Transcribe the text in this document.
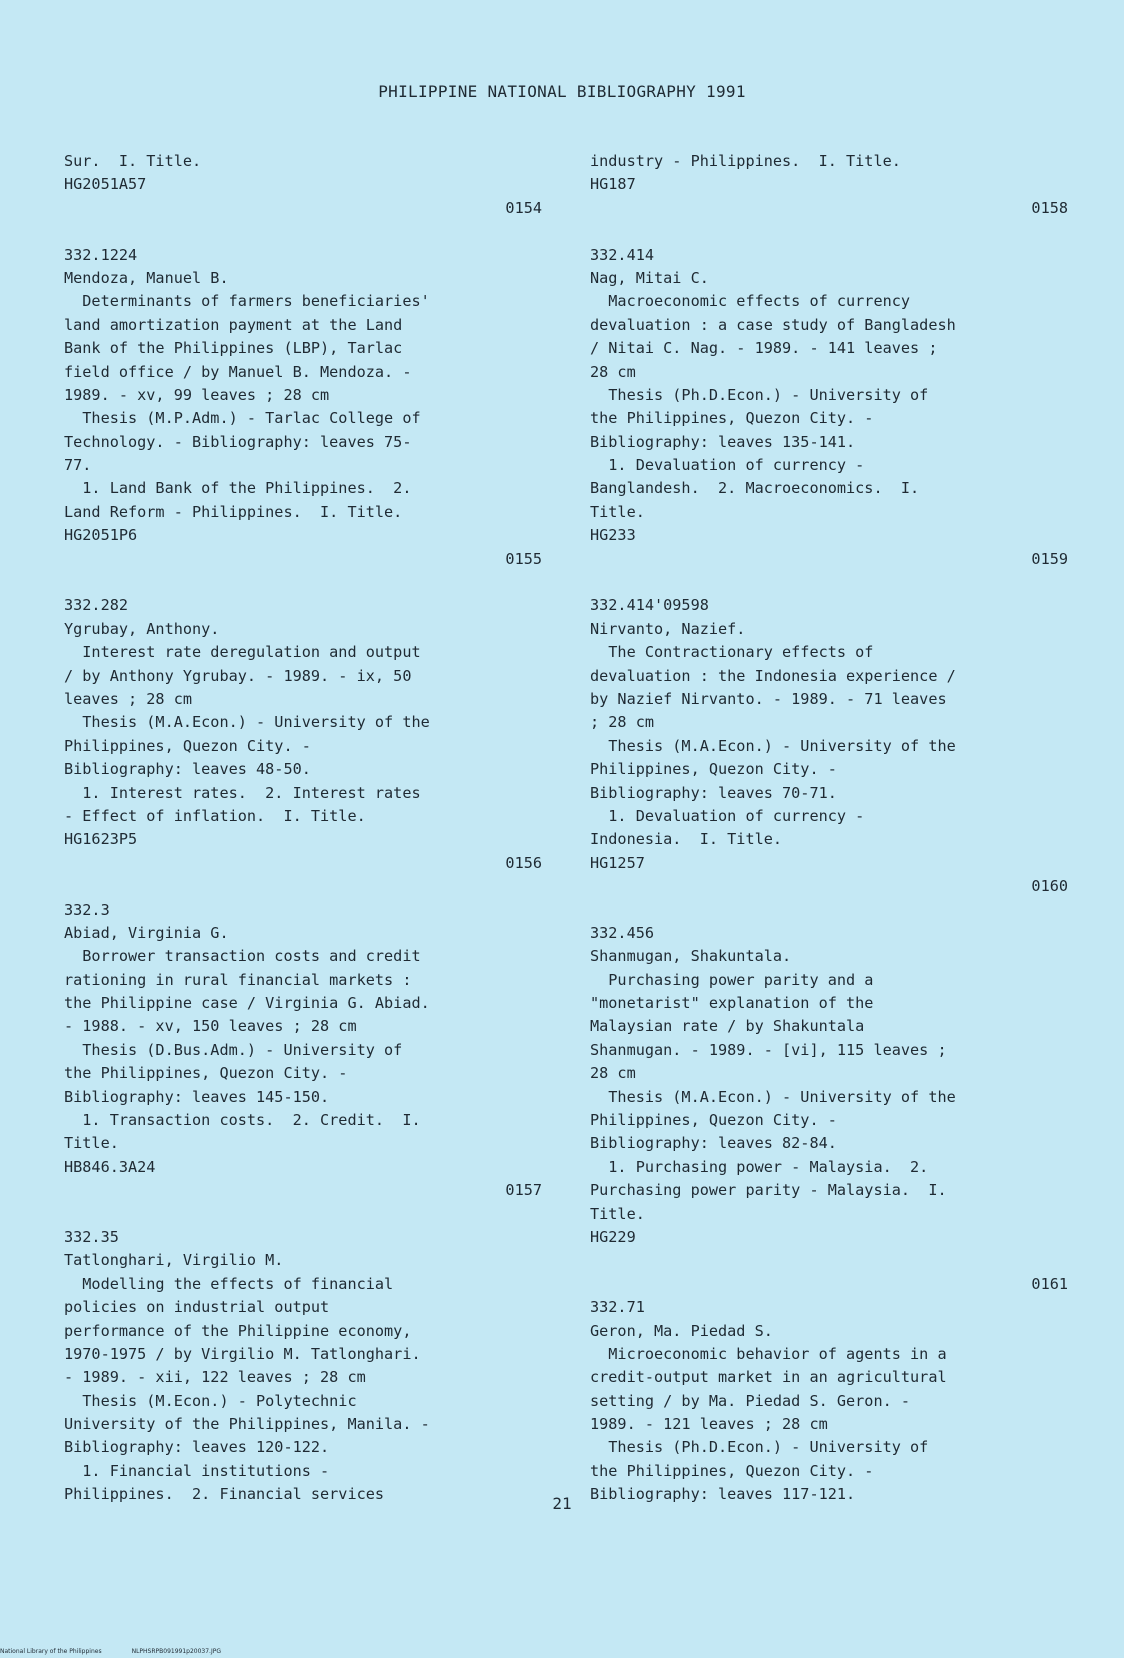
PHILIPPINE NATIONAL BIBLIOGRAPHY 1991
Sur.  I. Title.
HG2051A57
0154
332.1224
Mendoza, Manuel B.
Determinants of farmers beneficiaries'
land amortization payment at the Land
Bank of the Philippines (LBP), Tarlac
field office / by Manuel B. Mendoza. -
1989. - xv, 99 leaves ; 28 cm
Thesis (M.P.Adm.) - Tarlac College of
Technology. - Bibliography: leaves 75-
77.
1. Land Bank of the Philippines.  2.
Land Reform - Philippines.  I. Title.
HG2051P6
0155
332.282
Ygrubay, Anthony.
Interest rate deregulation and output
/ by Anthony Ygrubay. - 1989. - ix, 50
leaves ; 28 cm
Thesis (M.A.Econ.) - University of the
Philippines, Quezon City. -
Bibliography: leaves 48-50.
1. Interest rates.  2. Interest rates
- Effect of inflation.  I. Title.
HG1623P5
0156
332.3
Abiad, Virginia G.
Borrower transaction costs and credit
rationing in rural financial markets :
the Philippine case / Virginia G. Abiad.
- 1988. - xv, 150 leaves ; 28 cm
Thesis (D.Bus.Adm.) - University of
the Philippines, Quezon City. -
Bibliography: leaves 145-150.
1. Transaction costs.  2. Credit.  I.
Title.
HB846.3A24
0157
332.35
Tatlonghari, Virgilio M.
Modelling the effects of financial
policies on industrial output
performance of the Philippine economy,
1970-1975 / by Virgilio M. Tatlonghari.
- 1989. - xii, 122 leaves ; 28 cm
Thesis (M.Econ.) - Polytechnic
University of the Philippines, Manila. -
Bibliography: leaves 120-122.
1. Financial institutions -
Philippines.  2. Financial services
industry - Philippines.  I. Title.
HG187
0158
332.414
Nag, Mitai C.
Macroeconomic effects of currency
devaluation : a case study of Bangladesh
/ Nitai C. Nag. - 1989. - 141 leaves ;
28 cm
Thesis (Ph.D.Econ.) - University of
the Philippines, Quezon City. -
Bibliography: leaves 135-141.
1. Devaluation of currency -
Banglandesh.  2. Macroeconomics.  I.
Title.
HG233
0159
332.414'09598
Nirvanto, Nazief.
The Contractionary effects of
devaluation : the Indonesia experience /
by Nazief Nirvanto. - 1989. - 71 leaves
; 28 cm
Thesis (M.A.Econ.) - University of the
Philippines, Quezon City. -
Bibliography: leaves 70-71.
1. Devaluation of currency -
Indonesia.  I. Title.
HG1257
0160
332.456
Shanmugan, Shakuntala.
Purchasing power parity and a
"monetarist" explanation of the
Malaysian rate / by Shakuntala
Shanmugan. - 1989. - [vi], 115 leaves ;
28 cm
Thesis (M.A.Econ.) - University of the
Philippines, Quezon City. -
Bibliography: leaves 82-84.
1. Purchasing power - Malaysia.  2.
Purchasing power parity - Malaysia.  I.
Title.
HG229
0161
332.71
Geron, Ma. Piedad S.
Microeconomic behavior of agents in a
credit-output market in an agricultural
setting / by Ma. Piedad S. Geron. -
1989. - 121 leaves ; 28 cm
Thesis (Ph.D.Econ.) - University of
the Philippines, Quezon City. -
Bibliography: leaves 117-121.
21
National Library of the Philippines	NLPHSRPB091991p20037.JPG
